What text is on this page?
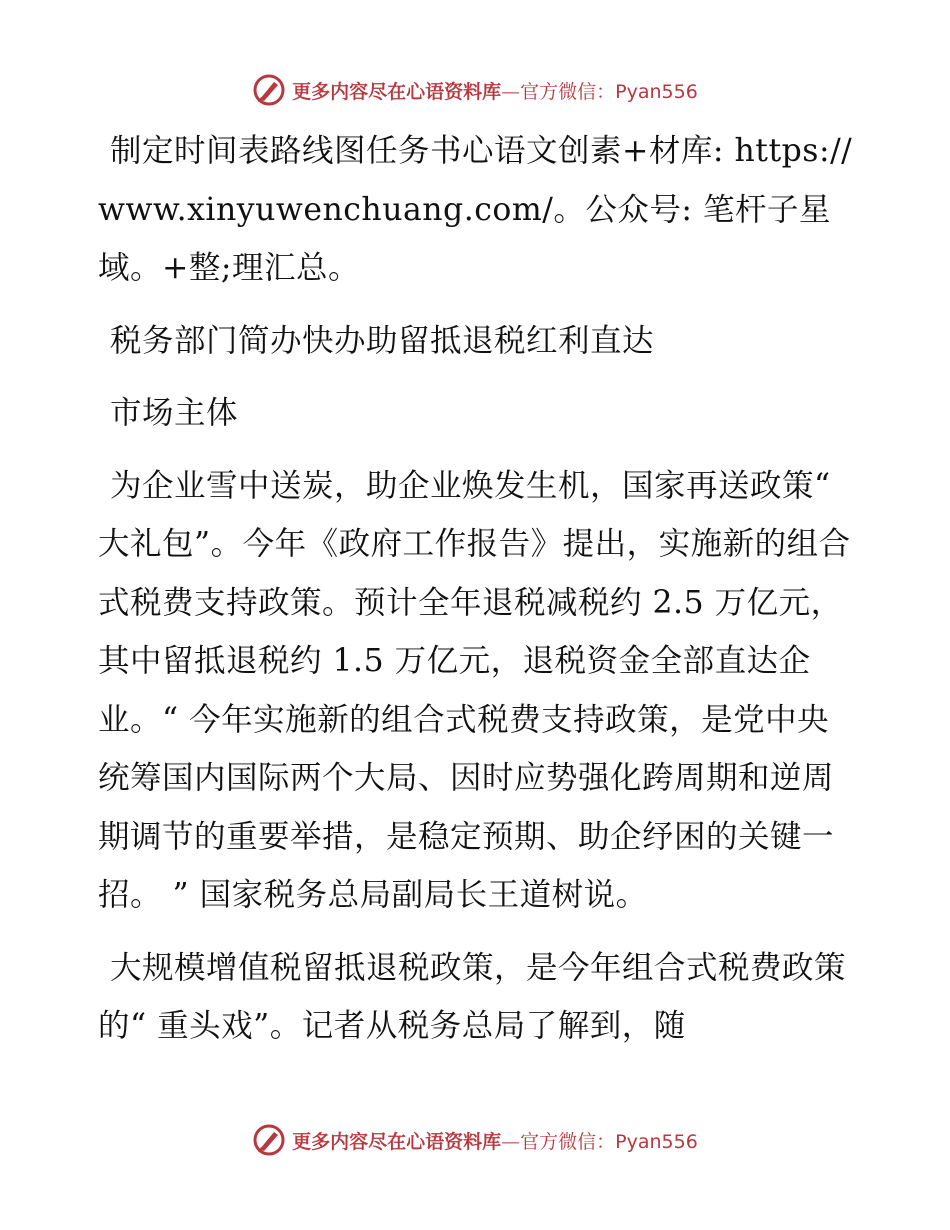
更多内容尽在心语资料库—官方微信：Pyan556

制定时间表路线图任务书心语文创素+材库: https://www.xinyuwenchuang.com/。公众号: 笔杆子星域。+整;理汇总。

税务部门简办快办助留抵退税红利直达

市场主体

为企业雪中送炭，助企业焕发生机，国家再送政策“ 大礼包”。今年《政府工作报告》提出，实施新的组合式税费支持政策。预计全年退税减税约 2.5 万亿元，其中留抵退税约 1.5 万亿元，退税资金全部直达企业。“ 今年实施新的组合式税费支持政策，是党中央统筹国内国际两个大局、因时应势强化跨周期和逆周期调节的重要举措，是稳定预期、助企纾困的关键一招。 ” 国家税务总局副局长王道树说。

大规模增值税留抵退税政策，是今年组合式税费政策的“ 重头戏”。记者从税务总局了解到，随

更多内容尽在心语资料库—官方微信：Pyan556
